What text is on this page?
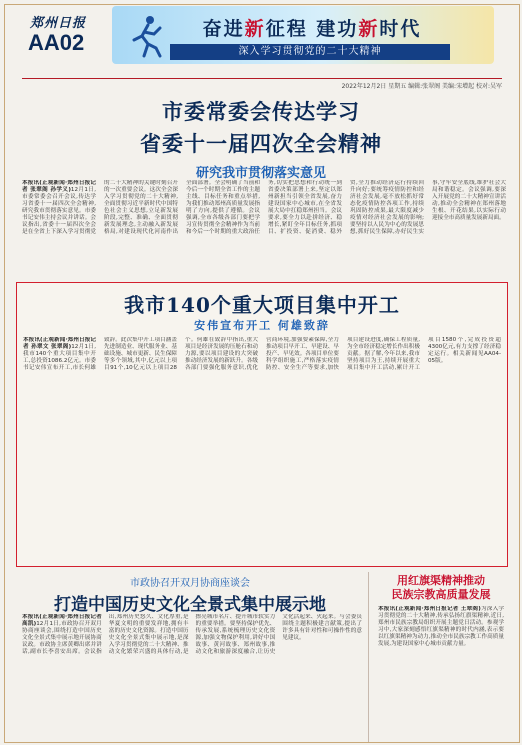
郑州日报
AA02
奋进新征程 建功新时代
深入学习贯彻党的二十大精神
2022年12月2日 星期五 编辑:张翠阁 美编:宋增起 校对:吴军
市委常委会传达学习
省委十一届四次全会精神
研究我市贯彻落实意见
本报讯(正观新闻·郑州日报记者 张翠阁 孙学义)12月1日,市委常委会召开会议,传达学习省委十一届四次全会精神,研究我市贯彻落实意见。市委书记安伟主持会议并讲话。会议指出,省委十一届四次全会是在全省上下深入学习贯彻党的二十大精神的关键时刻召开的一次重要会议。这次全会深入学习贯彻党的二十大精神,全面贯彻习近平新时代中国特色社会主义思想,立足新发展阶段,完整、准确、全面贯彻新发展理念,主动融入新发展格局,对建设现代化河南作出全面部署。全会明确了当前和今后一个时期全省工作的主题主线、目标任务和重点举措,为我们推动郑州高质量发展指明了方向,提供了遵循。会议强调,全市各级各部门要把学习宣传贯彻全会精神作为当前和今后一个时期的重大政治任务,切实把思想和行动统一到省委决策部署上来,坚定以郑州新担当引领全省发展,奋力建设国家中心城市,在全省发展大局中扛稳郑州担当。会议要求,要全力以赴拼经济、稳增长,紧盯全年目标任务,抓项目、扩投资、促消费、稳外贸,全力推动经济运行持续回升向好;要统筹疫情防控和经济社会发展,毫不放松抓好常态化疫情防控各项工作,持续巩固防控成果,最大限度减少疫情对经济社会发展的影响;要坚持以人民为中心的发展思想,抓好民生保障,办好民生实事,守牢安全底线,维护社会大局和谐稳定。会议强调,要深入开展党的二十大精神宣讲活动,推动全会精神在郑州落地生根、开花结果,以实际行动迎接全市高质量发展新局面。
我市140个重大项目集中开工
安伟宣布开工 何雄致辞
本报讯(正观新闻·郑州日报记者 孙翠文 张翠阁)12月1日,我市140个重大项目集中开工,总投资1086.2亿元。市委书记安伟宣布开工,市长何雄致辞。此次集中开工项目涵盖先进制造业、现代服务业、基础设施、城市更新、民生保障等多个领域,其中,亿元以上项目91个,10亿元以上项目28个。何雄在致辞中指出,重大项目是经济发展的压舱石和动力源,要以项目建设的大突破推动经济发展的新跃升。各级各部门要强化服务意识,优化营商环境,加强要素保障,全力推动项目早开工、早建设、早投产、早见效。各项目单位要科学组织施工,严格落实疫情防控、安全生产等要求,加快项目建设进度,确保工程质量,为全市经济稳定增长作出积极贡献。据了解,今年以来,我市坚持项目为王,持续开展重大项目集中开工活动,累计开工项目1580个,完成投资超4300亿元,有力支撑了经济稳定运行。相关新闻见AA04-05版。
市政协召开双月协商座谈会
打造中国历史文化全景式集中展示地
本报讯(正观新闻·郑州日报记者 高凯)12月1日,市政协召开双月协商座谈会,围绕打造中国历史文化全景式集中展示地开展协商议政。市政协主席黄卿出席并讲话,副市长李喜安出席。会议指出,郑州历史悠久、文化厚重,是华夏文明的重要发祥地,拥有丰富的历史文化资源。打造中国历史文化全景式集中展示地,是深入学习贯彻党的二十大精神、推动文化繁荣兴盛的具体行动,是擦亮城市名片、提升城市软实力的重要举措。要坚持保护优先、传承发展,系统梳理历史文化资源,加强文物保护利用,讲好中国故事、黄河故事、郑州故事,推动文化和旅游深度融合,让历史文化活起来、火起来。与会委员围绕主题积极建言献策,提出了许多具有针对性和可操作性的意见建议。
用红旗渠精神推动
民族宗教高质量发展
本报讯(正观新闻·郑州日报记者 王翠阁)为深入学习贯彻党的二十大精神,传承弘扬红旗渠精神,近日,郑州市民族宗教局组织开展主题党日活动。参观学习中,大家深刻感悟红旗渠精神的时代内涵,表示要以红旗渠精神为动力,推动全市民族宗教工作高质量发展,为建设国家中心城市贡献力量。
